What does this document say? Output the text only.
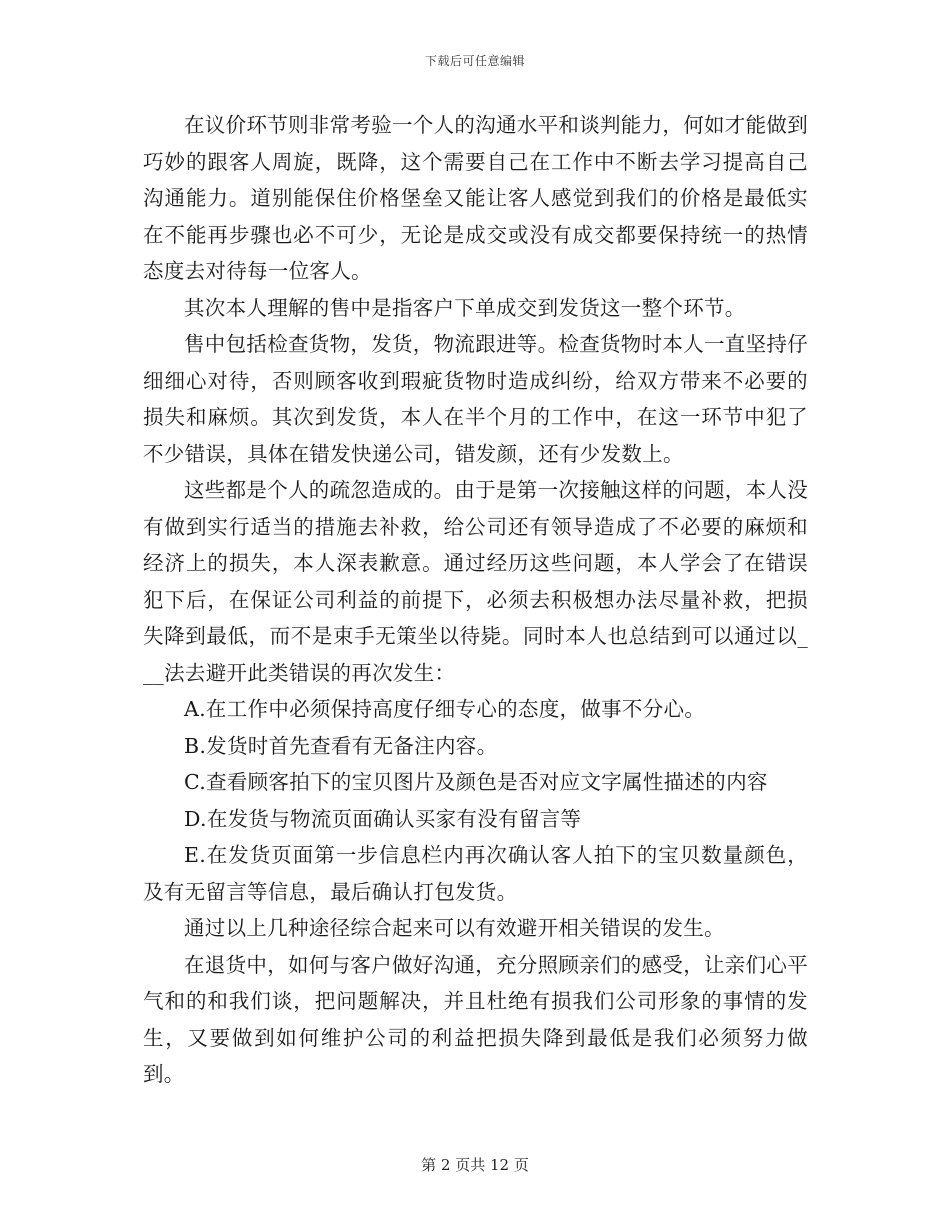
下载后可任意编辑

在议价环节则非常考验一个人的沟通水平和谈判能力，何如才能做到巧妙的跟客人周旋，既降，这个需要自己在工作中不断去学习提高自己沟通能力。道别能保住价格堡垒又能让客人感觉到我们的价格是最低实在不能再步骤也必不可少，无论是成交或没有成交都要保持统一的热情态度去对待每一位客人。

其次本人理解的售中是指客户下单成交到发货这一整个环节。

售中包括检查货物，发货，物流跟进等。检查货物时本人一直坚持仔细细心对待，否则顾客收到瑕疵货物时造成纠纷，给双方带来不必要的损失和麻烦。其次到发货，本人在半个月的工作中，在这一环节中犯了不少错误，具体在错发快递公司，错发颜，还有少发数上。

这些都是个人的疏忽造成的。由于是第一次接触这样的问题，本人没有做到实行适当的措施去补救，给公司还有领导造成了不必要的麻烦和经济上的损失，本人深表歉意。通过经历这些问题，本人学会了在错误犯下后，在保证公司利益的前提下，必须去积极想办法尽量补救，把损失降到最低，而不是束手无策坐以待毙。同时本人也总结到可以通过以___法去避开此类错误的再次发生：

A.在工作中必须保持高度仔细专心的态度，做事不分心。

B.发货时首先查看有无备注内容。

C.查看顾客拍下的宝贝图片及颜色是否对应文字属性描述的内容

D.在发货与物流页面确认买家有没有留言等

E.在发货页面第一步信息栏内再次确认客人拍下的宝贝数量颜色，及有无留言等信息，最后确认打包发货。

通过以上几种途径综合起来可以有效避开相关错误的发生。

在退货中，如何与客户做好沟通，充分照顾亲们的感受，让亲们心平气和的和我们谈，把问题解决，并且杜绝有损我们公司形象的事情的发生，又要做到如何维护公司的利益把损失降到最低是我们必须努力做到。

第 2 页共 12 页
